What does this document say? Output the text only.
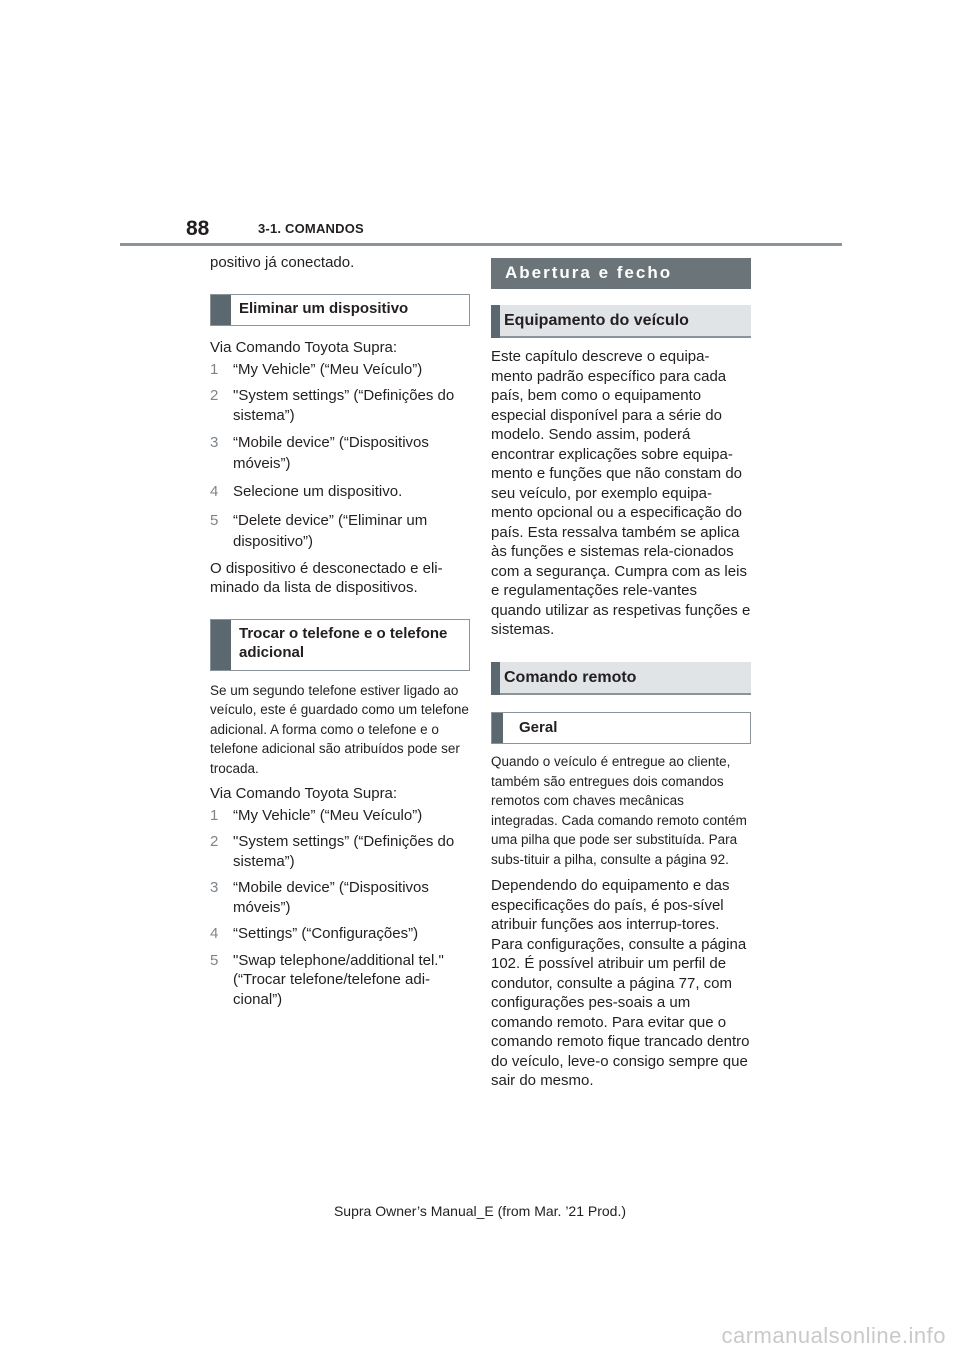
88	3-1. COMANDOS

positivo já conectado.

Eliminar um dispositivo

Via Comando Toyota Supra:

1 “My Vehicle” (“Meu Veículo”)
2 "System settings” (“Definições do sistema”)
3 “Mobile device” (“Dispositivos móveis”)
4 Selecione um dispositivo.
5 “Delete device” (“Eliminar um dispositivo”)

O dispositivo é desconectado e eli-minado da lista de dispositivos.

Trocar o telefone e o telefone adicional

Se um segundo telefone estiver ligado ao veículo, este é guardado como um telefone adicional. A forma como o telefone e o telefone adicional são atribuídos pode ser trocada.

Via Comando Toyota Supra:

1 “My Vehicle” (“Meu Veículo”)
2 "System settings” (“Definições do sistema”)
3 “Mobile device” (“Dispositivos móveis”)
4 “Settings” (“Configurações”)
5 "Swap telephone/additional tel." (“Trocar telefone/telefone adi-cional”)
Abertura e fecho
Equipamento do veículo

Este capítulo descreve o equipa-mento padrão específico para cada país, bem como o equipamento especial disponível para a série do modelo. Sendo assim, poderá encontrar explicações sobre equipa-mento e funções que não constam do seu veículo, por exemplo equipa-mento opcional ou a especificação do país. Esta ressalva também se aplica às funções e sistemas rela-cionados com a segurança. Cumpra com as leis e regulamentações rele-vantes quando utilizar as respetivas funções e sistemas.

Comando remoto
Geral

Quando o veículo é entregue ao cliente, também são entregues dois comandos remotos com chaves mecânicas integradas. Cada comando remoto contém uma pilha que pode ser substituída. Para subs-tituir a pilha, consulte a página 92.

Dependendo do equipamento e das especificações do país, é pos-sível atribuir funções aos interrup-tores. Para configurações, consulte a página 102. É possível atribuir um perfil de condutor, consulte a página 77, com configurações pes-soais a um comando remoto. Para evitar que o comando remoto fique trancado dentro do veículo, leve-o consigo sempre que sair do mesmo.

Supra Owner’s Manual_E (from Mar. ’21 Prod.)
carmanualsonline.info
